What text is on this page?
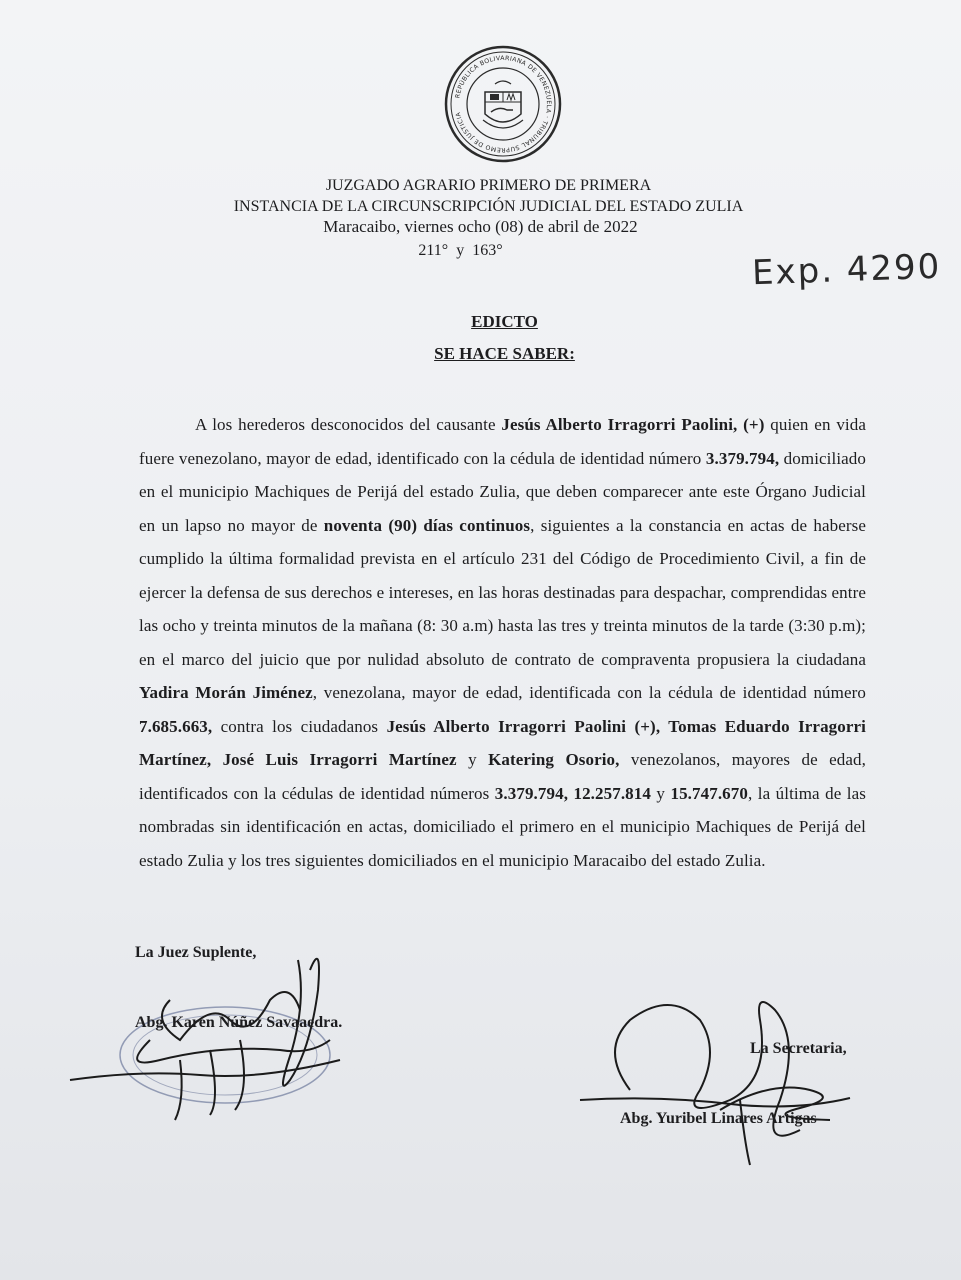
REPÚBLICA BOLIVARIANA DE VENEZUELA · TRIBUNAL SUPREMO DE JUSTICIA
JUZGADO AGRARIO PRIMERO DE PRIMERA
INSTANCIA DE LA CIRCUNSCRIPCIÓN JUDICIAL DEL ESTADO ZULIA
Maracaibo, viernes ocho (08) de abril de 2022
211° y 163°	Exp. 4290
EDICTO
SE HACE SABER:
A los herederos desconocidos del causante Jesús Alberto Irragorri Paolini, (+) quien en vida fuere venezolano, mayor de edad, identificado con la cédula de identidad número 3.379.794, domiciliado en el municipio Machiques de Perijá del estado Zulia, que deben comparecer ante este Órgano Judicial en un lapso no mayor de noventa (90) días continuos, siguientes a la constancia en actas de haberse cumplido la última formalidad prevista en el artículo 231 del Código de Procedimiento Civil, a fin de ejercer la defensa de sus derechos e intereses, en las horas destinadas para despachar, comprendidas entre las ocho y treinta minutos de la mañana (8: 30 a.m) hasta las tres y treinta minutos de la tarde (3:30 p.m); en el marco del juicio que por nulidad absoluto de contrato de compraventa propusiera la ciudadana Yadira Morán Jiménez, venezolana, mayor de edad, identificada con la cédula de identidad número 7.685.663, contra los ciudadanos Jesús Alberto Irragorri Paolini (+), Tomas Eduardo Irragorri Martínez, José Luis Irragorri Martínez y Katering Osorio, venezolanos, mayores de edad, identificados con la cédulas de identidad números 3.379.794, 12.257.814 y 15.747.670, la última de las nombradas sin identificación en actas, domiciliado el primero en el municipio Machiques de Perijá del estado Zulia y los tres siguientes domiciliados en el municipio Maracaibo del estado Zulia.
La Juez Suplente,
Abg. Karen Núñez Savaaedra.
La Secretaria,
Abg. Yuribel Linares Artigas
